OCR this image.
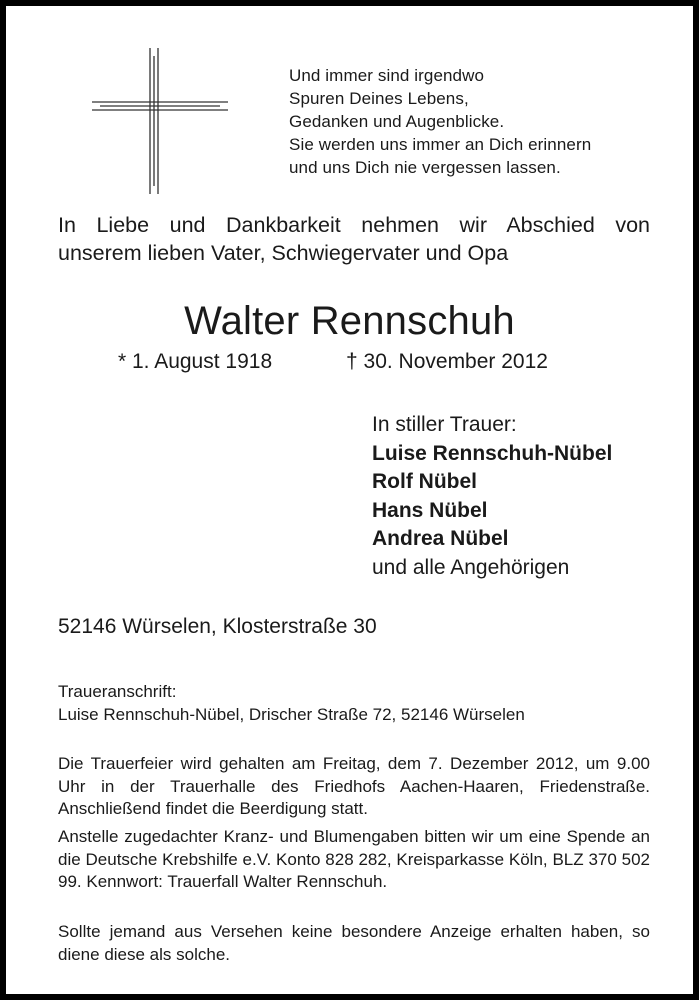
Und immer sind irgendwo
Spuren Deines Lebens,
Gedanken und Augenblicke.
Sie werden uns immer an Dich erinnern
und uns Dich nie vergessen lassen.

In Liebe und Dankbarkeit nehmen wir Abschied von

unserem lieben Vater, Schwiegervater und Opa

Walter Rennschuh
* 1. August 1918	† 30. November 2012
In stiller Trauer:
Luise Rennschuh-Nübel
Rolf Nübel
Hans Nübel
Andrea Nübel
und alle Angehörigen

52146 Würselen, Klosterstraße 30

Traueranschrift:
Luise Rennschuh-Nübel, Drischer Straße 72, 52146 Würselen

Die Trauerfeier wird gehalten am Freitag, dem 7. Dezember 2012, um 9.00 Uhr in der Trauerhalle des Friedhofs Aachen-Haaren, Friedenstraße. Anschließend findet die Beerdigung statt.

Anstelle zugedachter Kranz- und Blumengaben bitten wir um eine Spende an die Deutsche Krebshilfe e.V. Konto 828 282, Kreisparkasse Köln, BLZ 370 502 99. Kennwort: Trauerfall Walter Rennschuh.

Sollte jemand aus Versehen keine besondere Anzeige erhalten haben, so diene diese als solche.
